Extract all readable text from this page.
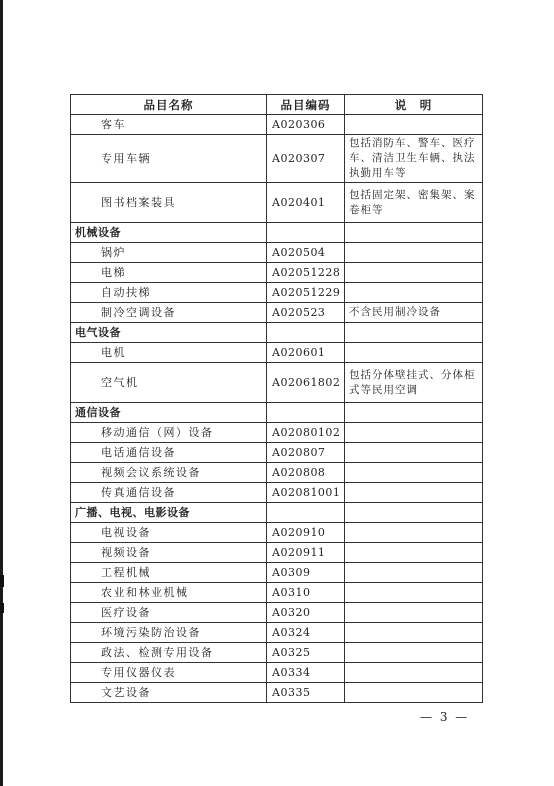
品目名称	品目编码	说　明
客车	A020306	
专用车辆	A020307	包括消防车、警车、医疗车、清洁卫生车辆、执法执勤用车等
图书档案装具	A020401	包括固定架、密集架、案卷柜等
机械设备		
锅炉	A020504	
电梯	A02051228	
自动扶梯	A02051229	
制冷空调设备	A020523	不含民用制冷设备
电气设备		
电机	A020601	
空气机	A02061802	包括分体壁挂式、分体柜式等民用空调
通信设备		
移动通信（网）设备	A02080102	
电话通信设备	A020807	
视频会议系统设备	A020808	
传真通信设备	A02081001	
广播、电视、电影设备		
电视设备	A020910	
视频设备	A020911	
工程机械	A0309	
农业和林业机械	A0310	
医疗设备	A0320	
环境污染防治设备	A0324	
政法、检测专用设备	A0325	
专用仪器仪表	A0334	
文艺设备	A0335	
— 3 —
